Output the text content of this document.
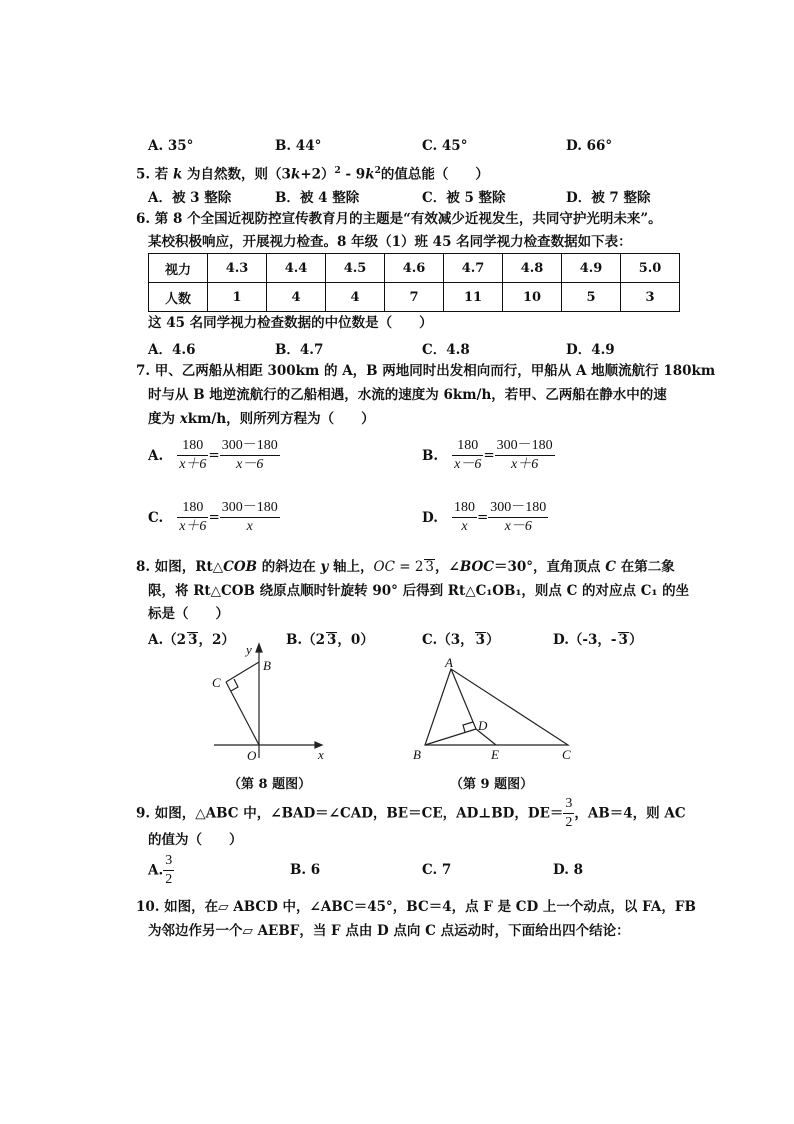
A. 35°	B. 44°	C. 45°	D. 66°
5. 若 k 为自然数，则$(3k+2)^2 - 9k^2$的值总能（　　）
A．被 3 整除	B．被 4 整除	C．被 5 整除	D．被 7 整除
6. 第 8 个全国近视防控宣传教育月的主题是“有效减少近视发生，共同守护光明未来”。
某校积极响应，开展视力检查。8 年级（1）班 45 名同学视力检查数据如下表：
视力	4.3	4.4	4.5	4.6	4.7	4.8	4.9	5.0
人数	1	4	4	7	11	10	5	3
这 45 名同学视力检查数据的中位数是（　　）
A．4.6	B．4.7	C．4.8	D．4.9
7. 甲、乙两船从相距 300km 的 A，B 两地同时出发相向而行，甲船从 A 地顺流航行 180km
时与从 B 地逆流航行的乙船相遇，水流的速度为 6km/h，若甲、乙两船在静水中的速
度为 xkm/h，则所列方程为（　　）
A. $\frac{180}{x+6} = \frac{300-180}{x-6}$	B. $\frac{180}{x-6} = \frac{300-180}{x+6}$
C. $\frac{180}{x+6} = \frac{300-180}{x}$	D. $\frac{180}{x} = \frac{300-180}{x-6}$
8. 如图，Rt△COB 的斜边在 y 轴上，OC = 2 3，∠BOC＝30°，直角顶点 C 在第二象
限，将 Rt△COB 绕原点顺时针旋转 90° 后得到 Rt△C₁OB₁，则点 C 的对应点 C₁ 的坐
标是（　　）
A.（2 3，2）	B.（2 3，0）	C.（3， 3）	D.（-3，- 3）
y
B
C
O	x
（第 8 题图）
A
D
B	E	C
（第 9 题图）
9. 如图，△ABC 中，∠BAD＝∠CAD，BE＝CE，AD⊥BD，$DE= \frac{3}{2}$ ，AB＝4，则 AC
的值为（　　）
A. $\frac{3}{2}$	B. 6	C. 7	D. 8
10. 如图，在▱ ABCD 中，∠ABC＝45°，BC＝4，点 F 是 CD 上一个动点，以 FA，FB
为邻边作另一个▱ AEBF，当 F 点由 D 点向 C 点运动时，下面给出四个结论：
